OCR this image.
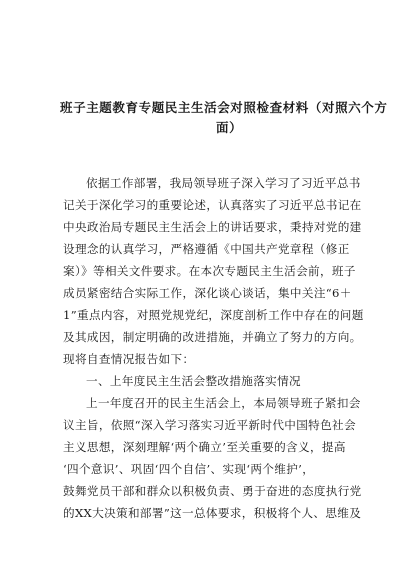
班子主题教育专题民主生活会对照检查材料（对照六个方
面）
依据工作部署，我局领导班子深入学习了习近平总书
记关于深化学习的重要论述，认真落实了习近平总书记在
中央政治局专题民主生活会上的讲话要求，秉持对党的建
设理念的认真学习，严格遵循《中国共产党章程（修正
案）》等相关文件要求。在本次专题民主生活会前，班子
成员紧密结合实际工作，深化谈心谈话，集中关注“6＋
1”重点内容，对照党规党纪，深度剖析工作中存在的问题
及其成因，制定明确的改进措施，并确立了努力的方向。
现将自查情况报告如下：
一、上年度民主生活会整改措施落实情况
上一年度召开的民主生活会上，本局领导班子紧扣会
议主旨，依照“深入学习落实习近平新时代中国特色社会
主义思想，深刻理解‘两个确立’至关重要的含义，提高
‘四个意识’、巩固‘四个自信’、实现‘两个维护’，
鼓舞党员干部和群众以积极负责、勇于奋进的态度执行党
的XX大决策和部署”这一总体要求，积极将个人、思维及
